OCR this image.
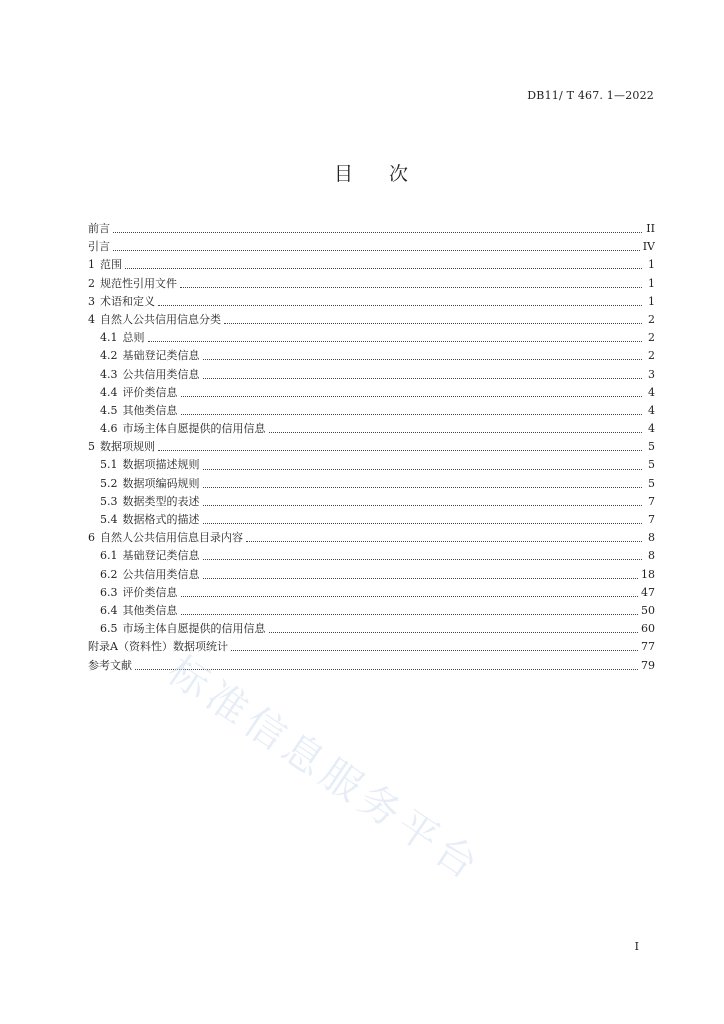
DB11/ T 467. 1—2022
目 次
前言	II
引言	IV
1 范围	1
2 规范性引用文件	1
3 术语和定义	1
4 自然人公共信用信息分类	2
4.1 总则	2
4.2 基础登记类信息	2
4.3 公共信用类信息	3
4.4 评价类信息	4
4.5 其他类信息	4
4.6 市场主体自愿提供的信用信息	4
5 数据项规则	5
5.1 数据项描述规则	5
5.2 数据项编码规则	5
5.3 数据类型的表述	7
5.4 数据格式的描述	7
6 自然人公共信用信息目录内容	8
6.1 基础登记类信息	8
6.2 公共信用类信息	18
6.3 评价类信息	47
6.4 其他类信息	50
6.5 市场主体自愿提供的信用信息	60
附录A（资料性）数据项统计	77
参考文献	79
标准信息服务平台
I
